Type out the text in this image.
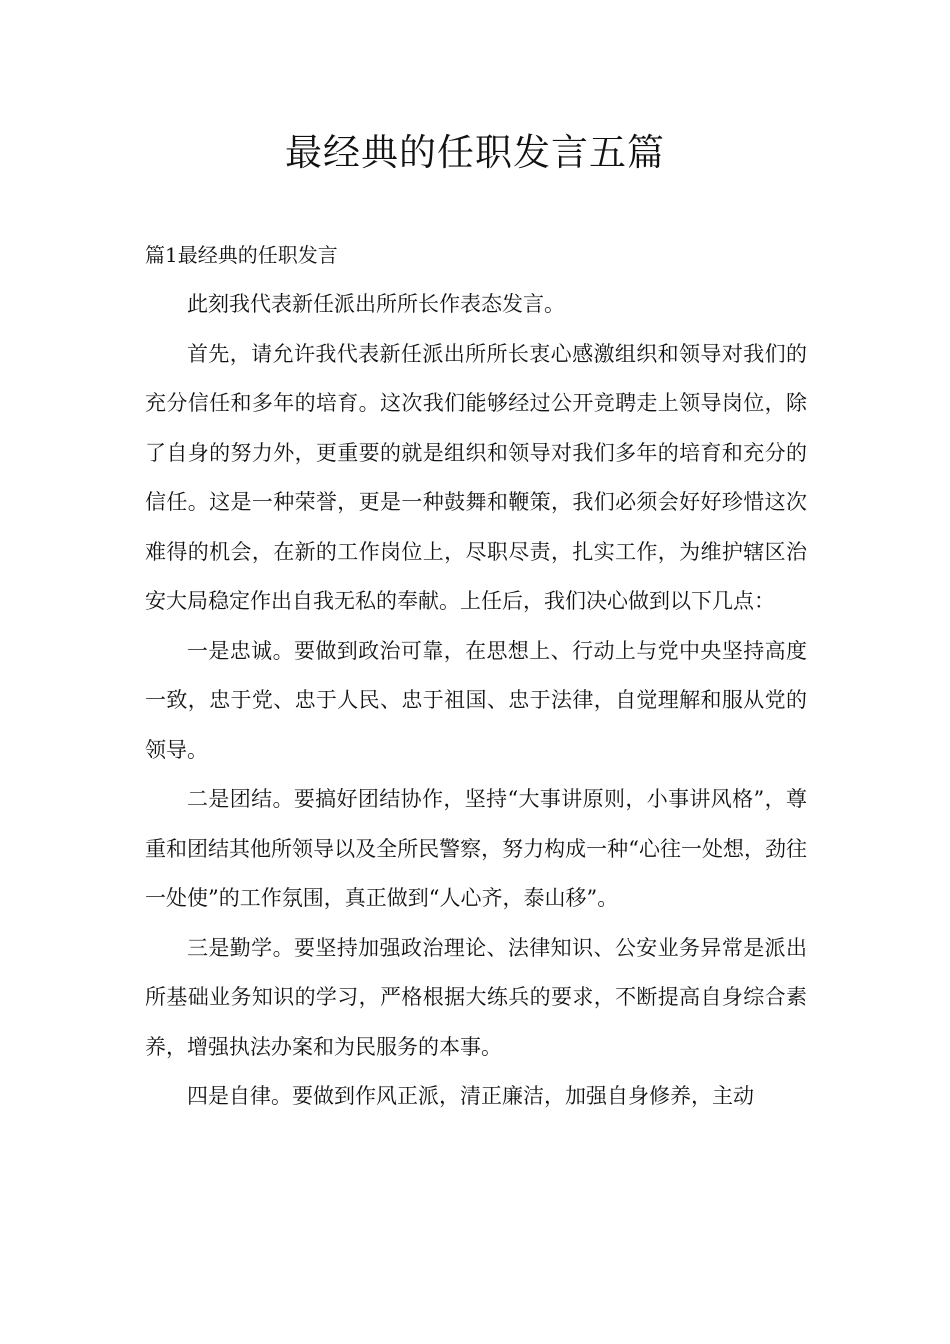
最经典的任职发言五篇

篇1最经典的任职发言

此刻我代表新任派出所所长作表态发言。

首先，请允许我代表新任派出所所长衷心感激组织和领导对我们的充分信任和多年的培育。这次我们能够经过公开竞聘走上领导岗位，除了自身的努力外，更重要的就是组织和领导对我们多年的培育和充分的信任。这是一种荣誉，更是一种鼓舞和鞭策，我们必须会好好珍惜这次难得的机会，在新的工作岗位上，尽职尽责，扎实工作，为维护辖区治安大局稳定作出自我无私的奉献。上任后，我们决心做到以下几点：

一是忠诚。要做到政治可靠，在思想上、行动上与党中央坚持高度一致，忠于党、忠于人民、忠于祖国、忠于法律，自觉理解和服从党的领导。

二是团结。要搞好团结协作，坚持“大事讲原则，小事讲风格”，尊重和团结其他所领导以及全所民警察，努力构成一种“心往一处想，劲往一处使”的工作氛围，真正做到“人心齐，泰山移”。

三是勤学。要坚持加强政治理论、法律知识、公安业务异常是派出所基础业务知识的学习，严格根据大练兵的要求，不断提高自身综合素养，增强执法办案和为民服务的本事。

四是自律。要做到作风正派，清正廉洁，加强自身修养，主动
